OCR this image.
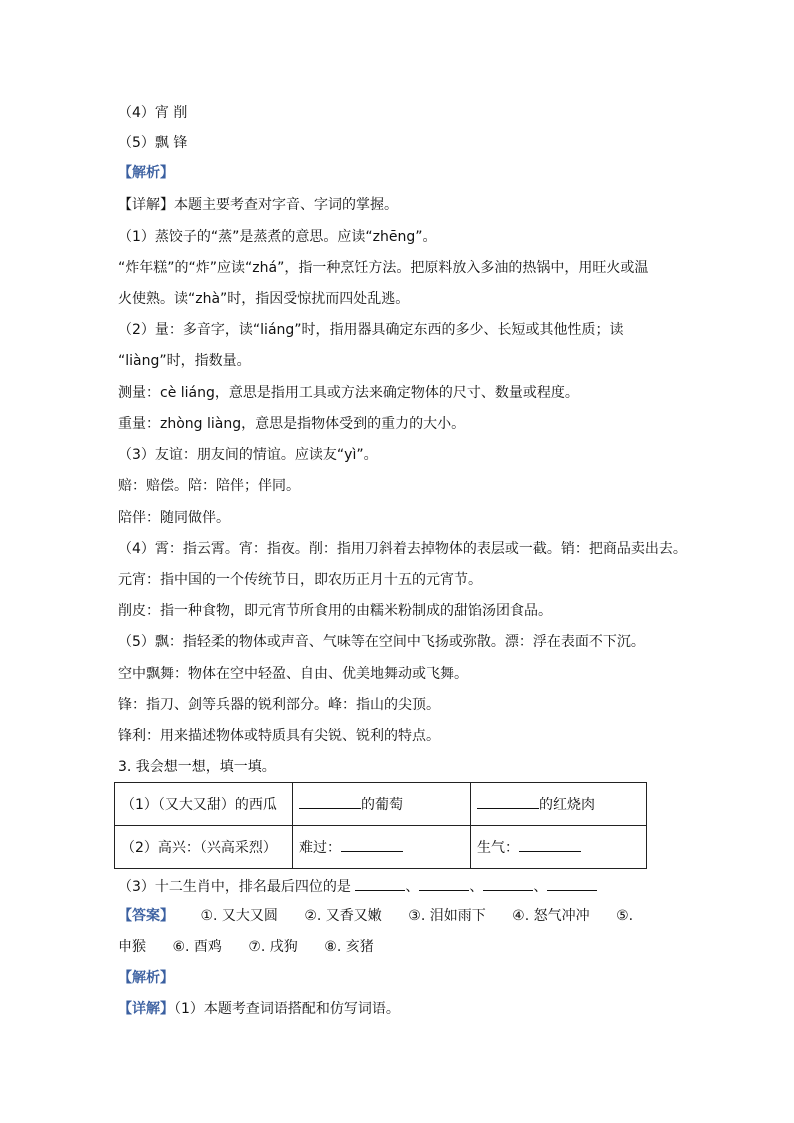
（4）宵 削
（5）飘 锋
【解析】
【详解】本题主要考查对字音、字词的掌握。
（1）蒸饺子的“蒸”是蒸煮的意思。应读“zhēng”。
“炸年糕”的“炸”应读“zhá”，指一种烹饪方法。把原料放入多油的热锅中，用旺火或温
火使熟。读“zhà”时，指因受惊扰而四处乱逃。
（2）量：多音字，读“liáng”时，指用器具确定东西的多少、长短或其他性质；读
“liàng”时，指数量。
测量：cè liáng，意思是指用工具或方法来确定物体的尺寸、数量或程度。
重量：zhòng liàng，意思是指物体受到的重力的大小。
（3）友谊：朋友间的情谊。应读友“yì”。
赔：赔偿。陪：陪伴；伴同。
陪伴：随同做伴。
（4）霄：指云霄。宵：指夜。削：指用刀斜着去掉物体的表层或一截。销：把商品卖出去。
元宵：指中国的一个传统节日，即农历正月十五的元宵节。
削皮：指一种食物，即元宵节所食用的由糯米粉制成的甜馅汤团食品。
（5）飘：指轻柔的物体或声音、气味等在空间中飞扬或弥散。漂：浮在表面不下沉。
空中飘舞：物体在空中轻盈、自由、优美地舞动或飞舞。
锋：指刀、剑等兵器的锐利部分。峰：指山的尖顶。
锋利：用来描述物体或特质具有尖锐、锐利的特点。
3. 我会想一想，填一填。
（1）（又大又甜）的西瓜	的葡萄	的红烧肉
（2）高兴：（兴高采烈）	难过：	生气：
（3）十二生肖中，排名最后四位的是	、	、	、
【答案】 ①. 又大又圆 ②. 又香又嫩 ③. 泪如雨下 ④. 怒气冲冲 ⑤.
申猴 ⑥. 酉鸡 ⑦. 戌狗 ⑧. 亥猪
【解析】
【详解】（1）本题考查词语搭配和仿写词语。
